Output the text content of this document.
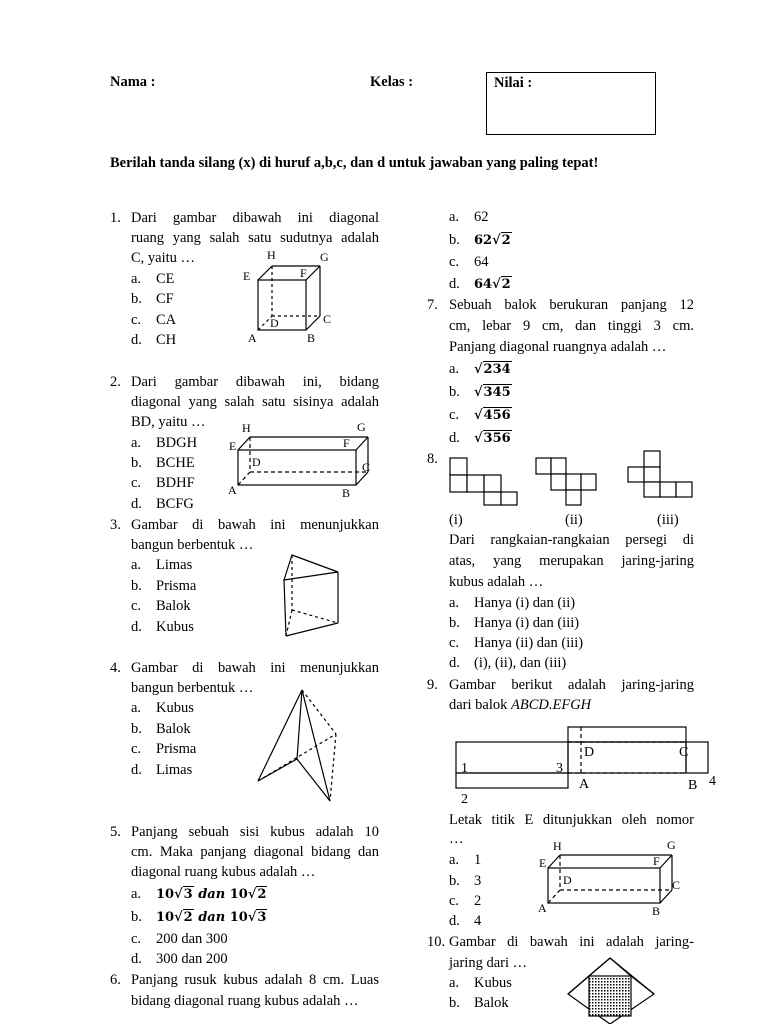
Nama :	Kelas :	Nilai :
Berilah tanda silang (x) di huruf a,b,c, dan d untuk jawaban yang paling tepat!
1. Dari gambar dibawah ini diagonal
ruang yang salah satu sudutnya adalah
C, yaitu …
a. CE
b. CF
c. CA
d. CH
H	G
E	F
D	C
A	B
2. Dari gambar dibawah ini, bidang
diagonal yang salah satu sisinya adalah
BD, yaitu …
a. BDGH
b. BCHE
c. BDHF
d. BCFG
H	G
E	F
D	C
A	B
3. Gambar di bawah ini menunjukkan
bangun berbentuk …
a. Limas
b. Prisma
c. Balok
d. Kubus
4. Gambar di bawah ini menunjukkan
bangun berbentuk …
a. Kubus
b. Balok
c. Prisma
d. Limas
5. Panjang sebuah sisi kubus adalah 10
cm. Maka panjang diagonal bidang dan
diagonal ruang kubus adalah …
a. 10√3 dan 10√2
b. 10√2 dan 10√3
c. 200 dan 300
d. 300 dan 200
6. Panjang rusuk kubus adalah 8 cm. Luas
bidang diagonal ruang kubus adalah …
a. 62
b. 62√2
c. 64
d. 64√2
7. Sebuah balok berukuran panjang 12
cm, lebar 9 cm, dan tinggi 3 cm.
Panjang diagonal ruangnya adalah …
a. √234
b. √345
c. √456
d. √356
8.
(i)	(ii)	(iii)
Dari rangkaian-rangkaian persegi di
atas, yang merupakan jaring-jaring
kubus adalah …
a. Hanya (i) dan (ii)
b. Hanya (i) dan (iii)
c. Hanya (ii) dan (iii)
d. (i), (ii), dan (iii)
9. Gambar berikut adalah jaring-jaring
dari balok ABCD.EFGH
D	C
1	3
A	B 4
2
Letak titik E ditunjukkan oleh nomor
…
a. 1
b. 3
c. 2
d. 4
H	G
E	F
D	C
A	B
10. Gambar di bawah ini adalah jaring-
jaring dari …
a. Kubus
b. Balok
